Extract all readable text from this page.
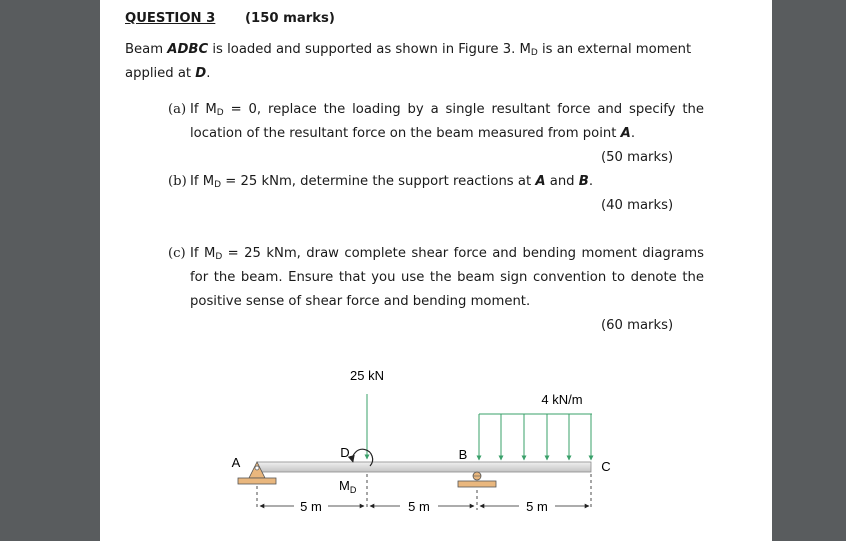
QUESTION 3 (150 marks)
Beam ADBC is loaded and supported as shown in Figure 3. $M_D$ is an external moment
applied at D.
(a) If $M_D = 0$, replace the loading by a single resultant force and specify the
location of the resultant force on the beam measured from point A.
(50 marks)
(b) If $M_D = 25$ kNm, determine the support reactions at A and B.
(40 marks)
(c) If $M_D = 25$ kNm, draw complete shear force and bending moment diagrams
for the beam. Ensure that you use the beam sign convention to denote the
positive sense of shear force and bending moment.
(60 marks)
25 kN
4 kN/m
A
D	B
C
$M_D$
5 m	5 m	5 m
